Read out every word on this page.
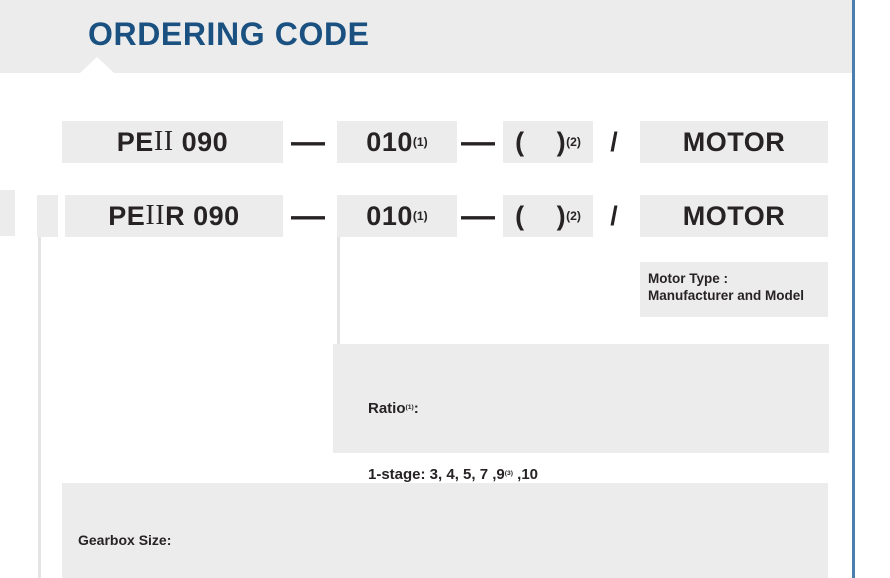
ORDERING CODE
PE II 090 — 010 (1) — (    ) (2)	/	MOTOR
PE II R 090 — 010 (1) — (    ) (2)	/	MOTOR
Motor Type :
Manufacturer and Model

Ratio$^{(1)}$:

1-stage: 3, 4, 5, 7 ,9$^{(3)}$ ,10

Gearbox Size:
